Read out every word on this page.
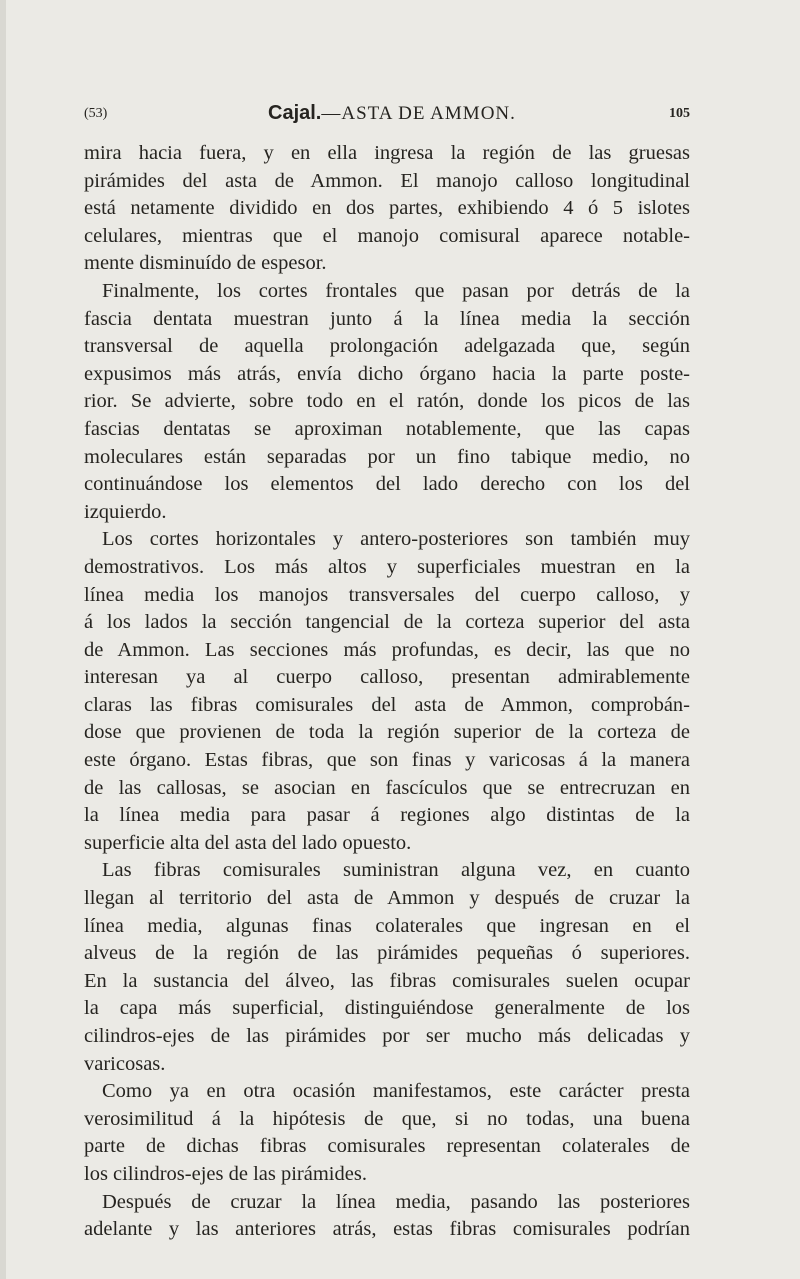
(53)	Cajal.—ASTA DE AMMON.	105
mira hacia fuera, y en ella ingresa la región de las gruesas
pirámides del asta de Ammon. El manojo calloso longitudinal
está netamente dividido en dos partes, exhibiendo 4 ó 5 islotes
celulares, mientras que el manojo comisural aparece notable-
mente disminuído de espesor.
Finalmente, los cortes frontales que pasan por detrás de la
fascia dentata muestran junto á la línea media la sección
transversal de aquella prolongación adelgazada que, según
expusimos más atrás, envía dicho órgano hacia la parte poste-
rior. Se advierte, sobre todo en el ratón, donde los picos de las
fascias dentatas se aproximan notablemente, que las capas
moleculares están separadas por un fino tabique medio, no
continuándose los elementos del lado derecho con los del
izquierdo.
Los cortes horizontales y antero-posteriores son también muy
demostrativos. Los más altos y superficiales muestran en la
línea media los manojos transversales del cuerpo calloso, y
á los lados la sección tangencial de la corteza superior del asta
de Ammon. Las secciones más profundas, es decir, las que no
interesan ya al cuerpo calloso, presentan admirablemente
claras las fibras comisurales del asta de Ammon, comprobán-
dose que provienen de toda la región superior de la corteza de
este órgano. Estas fibras, que son finas y varicosas á la manera
de las callosas, se asocian en fascículos que se entrecruzan en
la línea media para pasar á regiones algo distintas de la
superficie alta del asta del lado opuesto.
Las fibras comisurales suministran alguna vez, en cuanto
llegan al territorio del asta de Ammon y después de cruzar la
línea media, algunas finas colaterales que ingresan en el
alveus de la región de las pirámides pequeñas ó superiores.
En la sustancia del álveo, las fibras comisurales suelen ocupar
la capa más superficial, distinguiéndose generalmente de los
cilindros-ejes de las pirámides por ser mucho más delicadas y
varicosas.
Como ya en otra ocasión manifestamos, este carácter presta
verosimilitud á la hipótesis de que, si no todas, una buena
parte de dichas fibras comisurales representan colaterales de
los cilindros-ejes de las pirámides.
Después de cruzar la línea media, pasando las posteriores
adelante y las anteriores atrás, estas fibras comisurales podrían
